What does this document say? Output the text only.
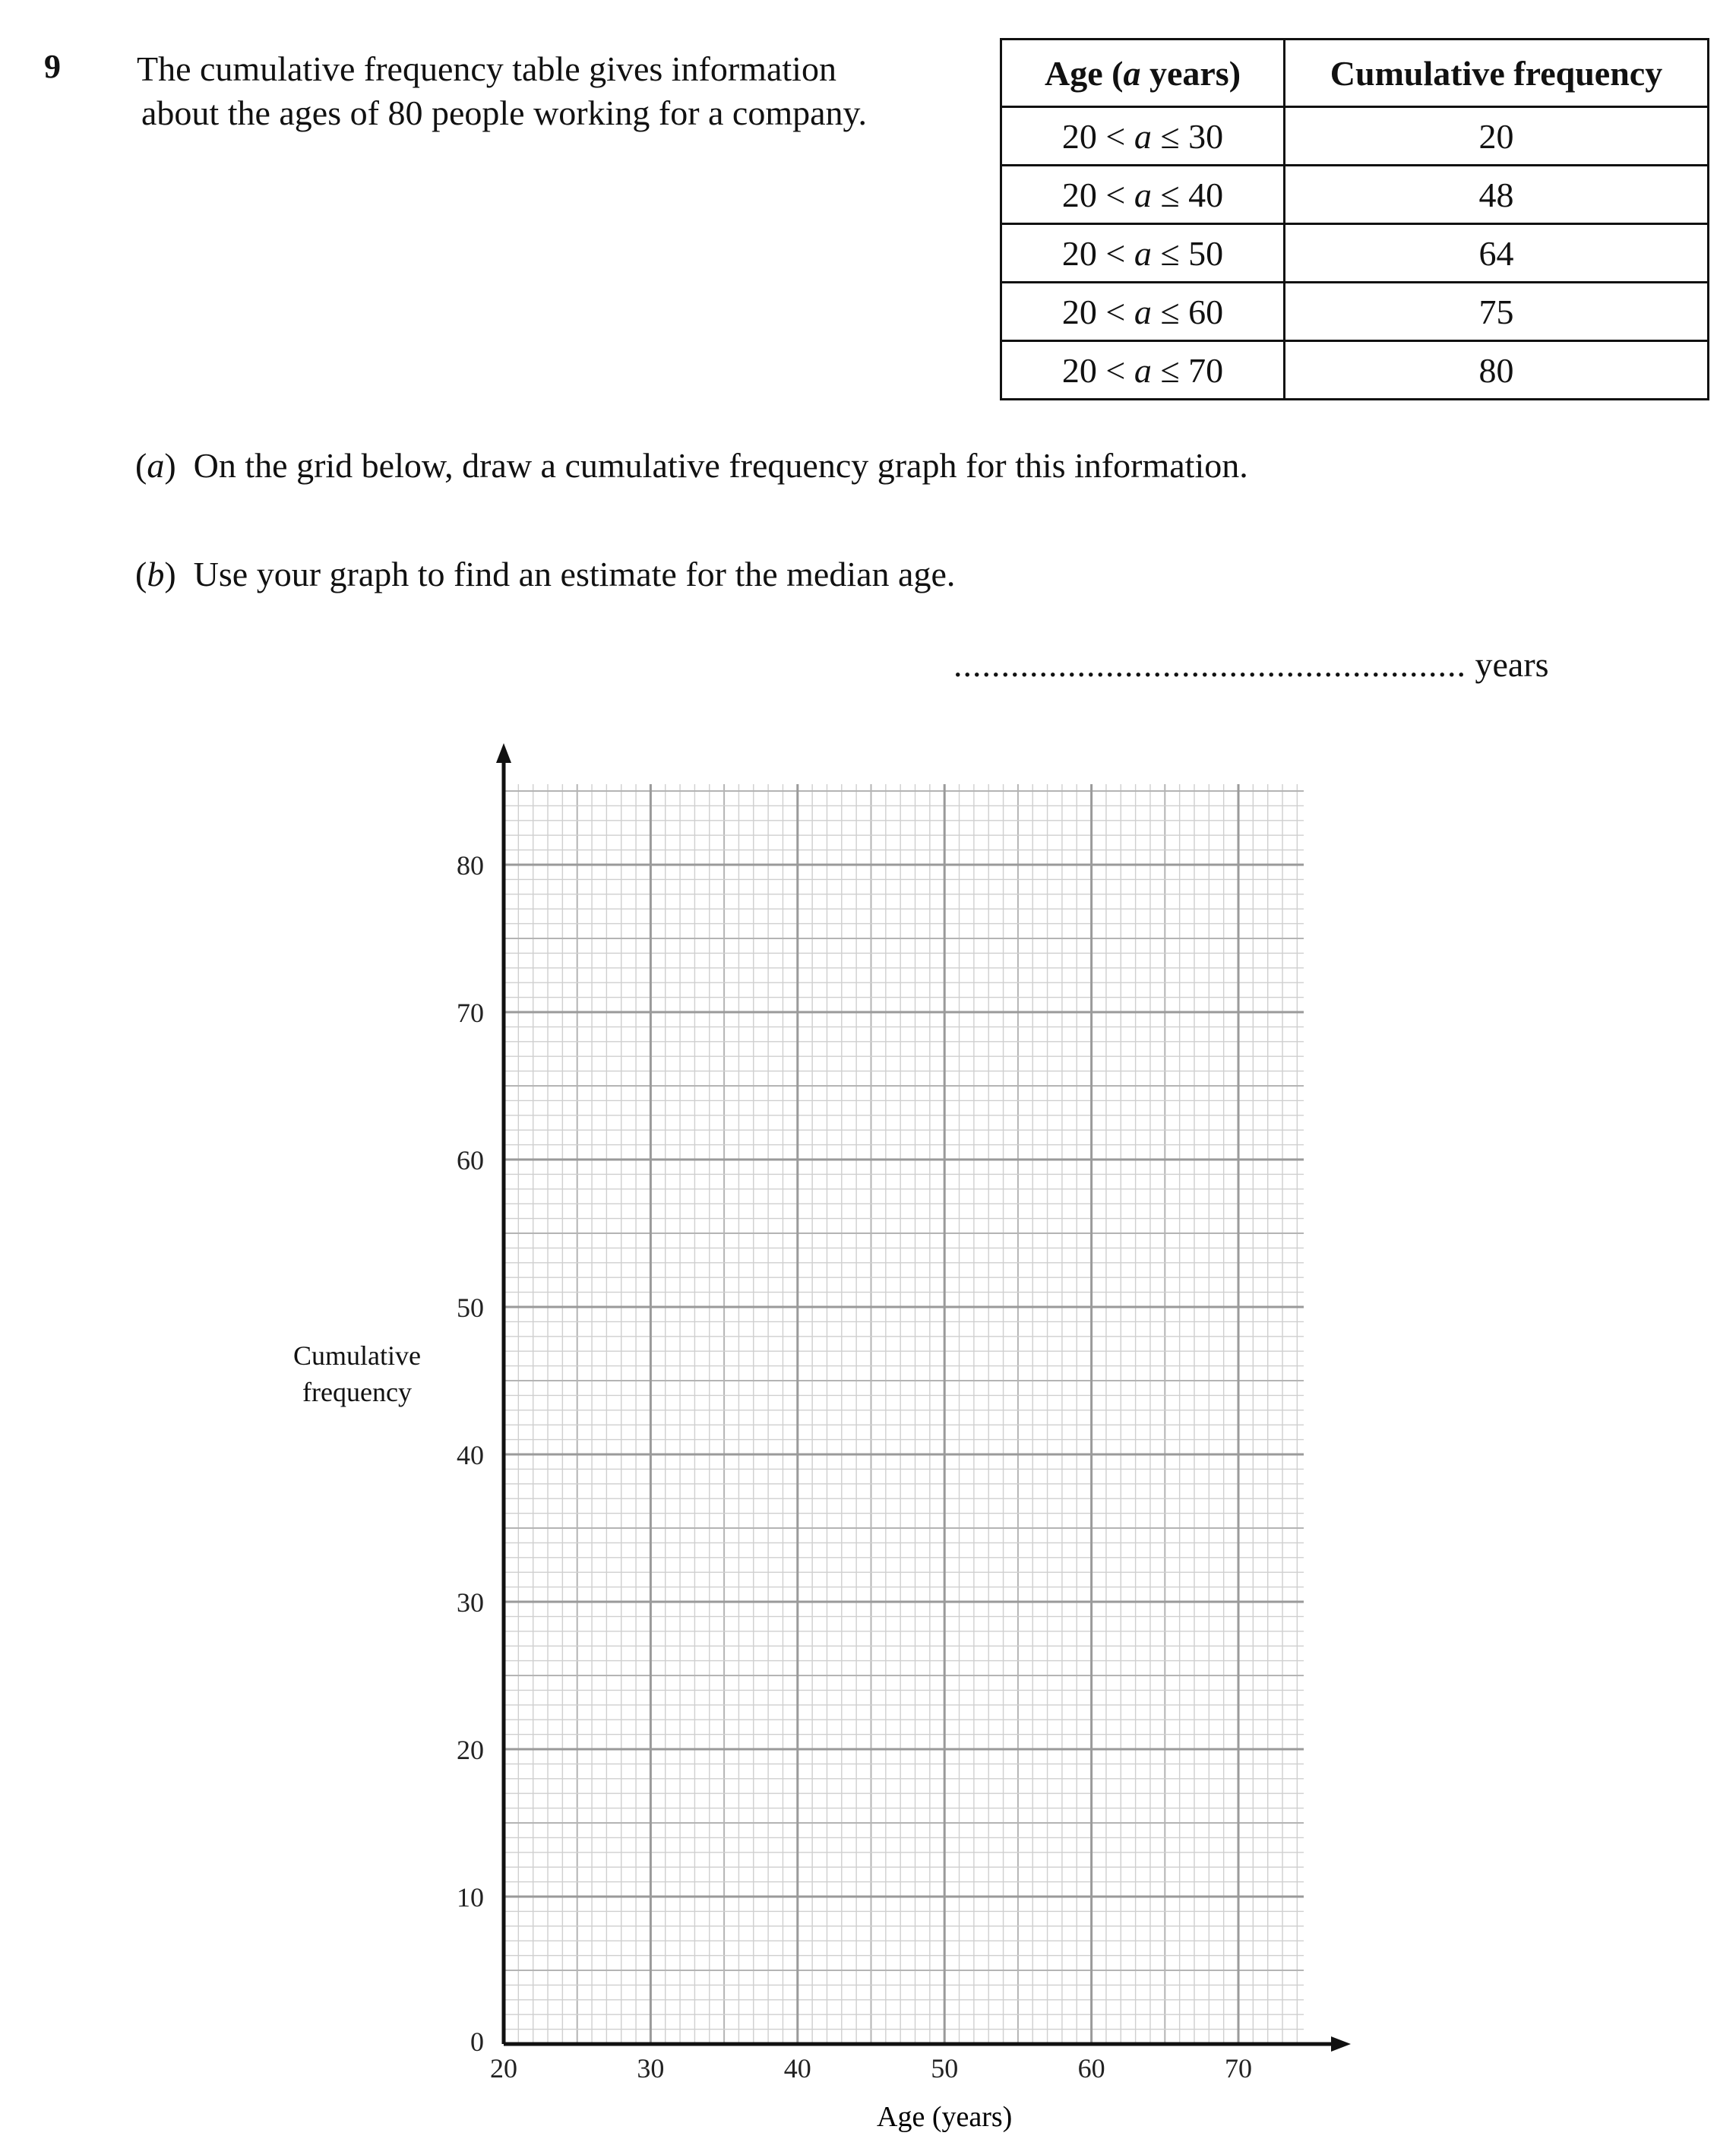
9 The cumulative frequency table gives information
about the ages of 80 people working for a company.
Age (a years)	Cumulative frequency
20 < a ≤ 30	20
20 < a ≤ 40	48
20 < a ≤ 50	64
20 < a ≤ 60	75
20 < a ≤ 70	80
(a)  On the grid below, draw a cumulative frequency graph for this information.
(b)  Use your graph to find an estimate for the median age.
...................................................... years
20	30	40	50	60	70
0
10
20
30
40
50
60
70
80
Age (years)
Cumulative
frequency
